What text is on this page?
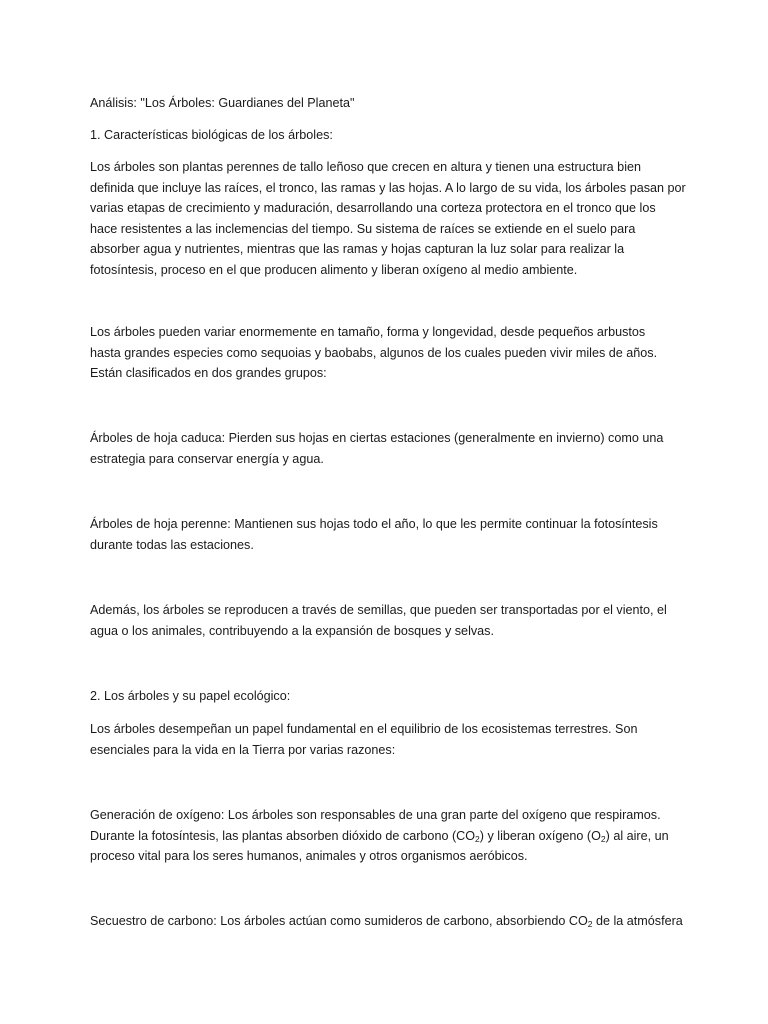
Análisis: "Los Árboles: Guardianes del Planeta"

1. Características biológicas de los árboles:

Los árboles son plantas perennes de tallo leñoso que crecen en altura y tienen una estructura bien
definida que incluye las raíces, el tronco, las ramas y las hojas. A lo largo de su vida, los árboles pasan por
varias etapas de crecimiento y maduración, desarrollando una corteza protectora en el tronco que los
hace resistentes a las inclemencias del tiempo. Su sistema de raíces se extiende en el suelo para
absorber agua y nutrientes, mientras que las ramas y hojas capturan la luz solar para realizar la
fotosíntesis, proceso en el que producen alimento y liberan oxígeno al medio ambiente.
Los árboles pueden variar enormemente en tamaño, forma y longevidad, desde pequeños arbustos
hasta grandes especies como sequoias y baobabs, algunos de los cuales pueden vivir miles de años.
Están clasificados en dos grandes grupos:
Árboles de hoja caduca: Pierden sus hojas en ciertas estaciones (generalmente en invierno) como una
estrategia para conservar energía y agua.
Árboles de hoja perenne: Mantienen sus hojas todo el año, lo que les permite continuar la fotosíntesis
durante todas las estaciones.
Además, los árboles se reproducen a través de semillas, que pueden ser transportadas por el viento, el
agua o los animales, contribuyendo a la expansión de bosques y selvas.

2. Los árboles y su papel ecológico:

Los árboles desempeñan un papel fundamental en el equilibrio de los ecosistemas terrestres. Son
esenciales para la vida en la Tierra por varias razones:
Generación de oxígeno: Los árboles son responsables de una gran parte del oxígeno que respiramos.
Durante la fotosíntesis, las plantas absorben dióxido de carbono $(CO_2)$ y liberan oxígeno $(O_2)$ al aire, un
proceso vital para los seres humanos, animales y otros organismos aeróbicos.
Secuestro de carbono: Los árboles actúan como sumideros de carbono, absorbiendo $CO_2$ de la atmósfera
